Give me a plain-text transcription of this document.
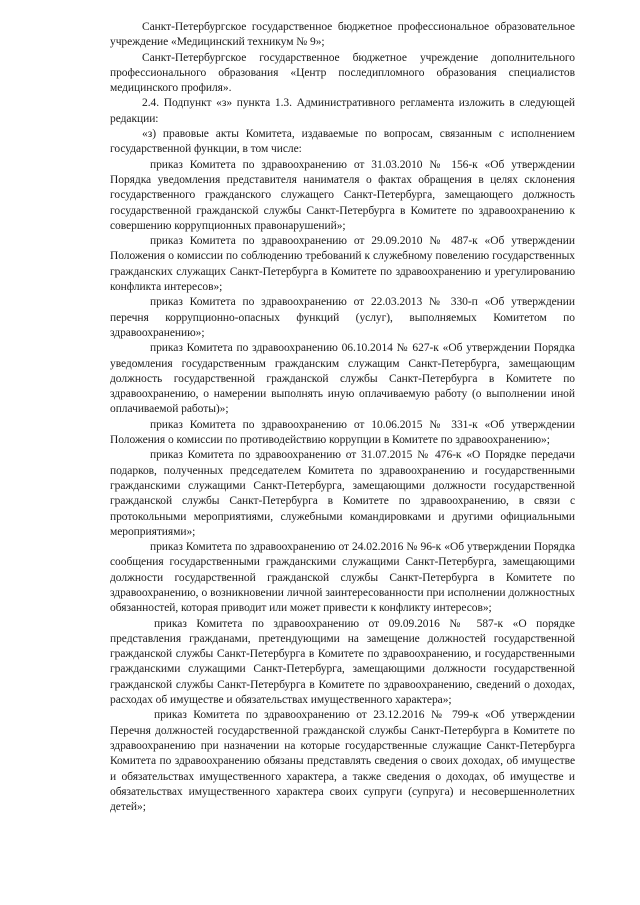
Санкт-Петербургское государственное бюджетное профессиональное образовательное учреждение «Медицинский техникум № 9»;

Санкт-Петербургское государственное бюджетное учреждение дополнительного профессионального образования «Центр последипломного образования специалистов медицинского профиля».

2.4. Подпункт «з» пункта 1.3. Административного регламента изложить в следующей редакции:

«з) правовые акты Комитета, издаваемые по вопросам, связанным с исполнением государственной функции, в том числе:

приказ Комитета по здравоохранению от 31.03.2010 № 156-к «Об утверждении Порядка уведомления представителя нанимателя о фактах обращения в целях склонения государственного гражданского служащего Санкт-Петербурга, замещающего должность государственной гражданской службы Санкт-Петербурга в Комитете по здравоохранению к совершению коррупционных правонарушений»;

приказ Комитета по здравоохранению от 29.09.2010 № 487-к «Об утверждении Положения о комиссии по соблюдению требований к служебному повелению государственных гражданских служащих Санкт-Петербурга в Комитете по здравоохранению и урегулированию конфликта интересов»;

приказ Комитета по здравоохранению от 22.03.2013 № 330-п «Об утверждении перечня коррупционно-опасных функций (услуг), выполняемых Комитетом по здравоохранению»;

приказ Комитета по здравоохранению 06.10.2014 № 627-к «Об утверждении Порядка уведомления государственным гражданским служащим Санкт-Петербурга, замещающим должность государственной гражданской службы Санкт-Петербурга в Комитете по здравоохранению, о намерении выполнять иную оплачиваемую работу (о выполнении иной оплачиваемой работы)»;

приказ Комитета по здравоохранению от 10.06.2015 № 331-к «Об утверждении Положения о комиссии по противодействию коррупции в Комитете по здравоохранению»;

приказ Комитета по здравоохранению от 31.07.2015 № 476-к «О Порядке передачи подарков, полученных председателем Комитета по здравоохранению и государственными гражданскими служащими Санкт-Петербурга, замещающими должности государственной гражданской службы Санкт-Петербурга в Комитете по здравоохранению, в связи с протокольными мероприятиями, служебными командировками и другими официальными мероприятиями»;

приказ Комитета по здравоохранению от 24.02.2016 № 96-к «Об утверждении Порядка сообщения государственными гражданскими служащими Санкт-Петербурга, замещающими должности государственной гражданской службы Санкт-Петербурга в Комитете по здравоохранению, о возникновении личной заинтересованности при исполнении должностных обязанностей, которая приводит или может привести к конфликту интересов»;

приказ Комитета по здравоохранению от 09.09.2016 № 587-к «О порядке представления гражданами, претендующими на замещение должностей государственной гражданской службы Санкт-Петербурга в Комитете по здравоохранению, и государственными гражданскими служащими Санкт-Петербурга, замещающими должности государственной гражданской службы Санкт-Петербурга в Комитете по здравоохранению, сведений о доходах, расходах об имуществе и обязательствах имущественного характера»;

приказ Комитета по здравоохранению от 23.12.2016 № 799-к «Об утверждении Перечня должностей государственной гражданской службы Санкт-Петербурга в Комитете по здравоохранению при назначении на которые государственные служащие Санкт-Петербурга Комитета по здравоохранению обязаны представлять сведения о своих доходах, об имуществе и обязательствах имущественного характера, а также сведения о доходах, об имуществе и обязательствах имущественного характера своих супруги (супруга) и несовершеннолетних детей»;
